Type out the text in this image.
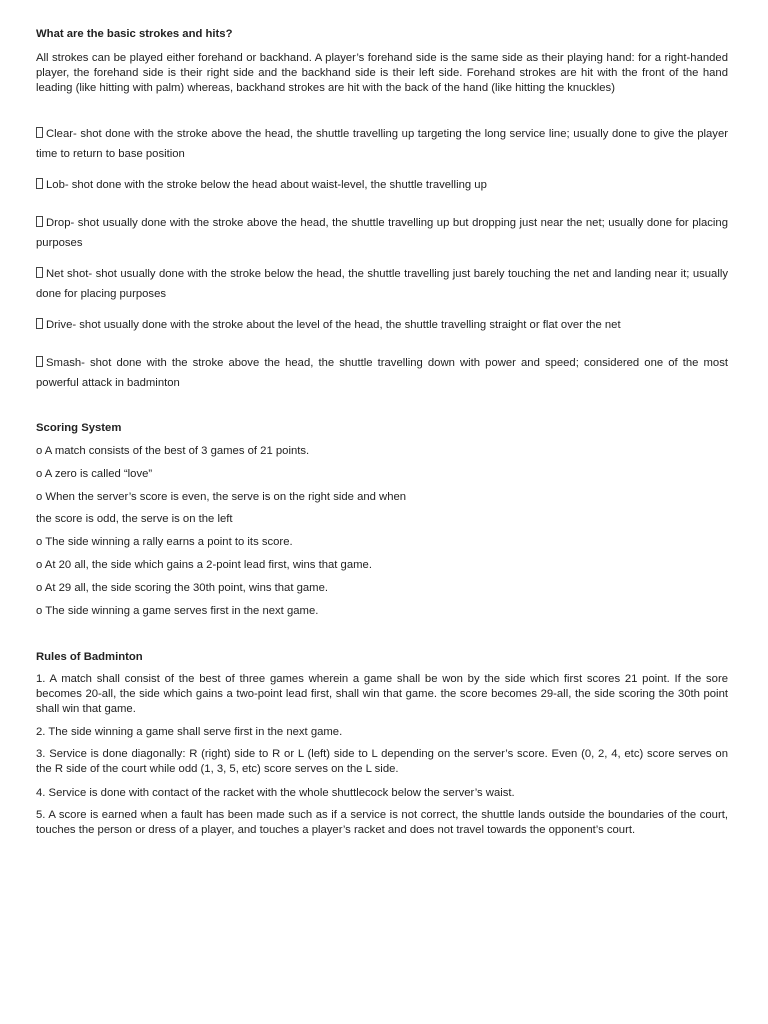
What are the basic strokes and hits?

All strokes can be played either forehand or backhand. A player’s forehand side is the same side as their playing hand: for a right-handed player, the forehand side is their right side and the backhand side is their left side. Forehand strokes are hit with the front of the hand leading (like hitting with palm) whereas, backhand strokes are hit with the back of the hand (like hitting the knuckles)

Clear- shot done with the stroke above the head, the shuttle travelling up targeting the long service line; usually done to give the player time to return to base position

Lob- shot done with the stroke below the head about waist-level, the shuttle travelling up

Drop- shot usually done with the stroke above the head, the shuttle travelling up but dropping just near the net; usually done for placing purposes

Net shot- shot usually done with the stroke below the head, the shuttle travelling just barely touching the net and landing near it; usually done for placing purposes

Drive- shot usually done with the stroke about the level of the head, the shuttle travelling straight or flat over the net

Smash- shot done with the stroke above the head, the shuttle travelling down with power and speed; considered one of the most powerful attack in badminton

Scoring System

o A match consists of the best of 3 games of 21 points.

o A zero is called “love”

o When the server’s score is even, the serve is on the right side and when

the score is odd, the serve is on the left

o The side winning a rally earns a point to its score.

o At 20 all, the side which gains a 2-point lead first, wins that game.

o At 29 all, the side scoring the 30th point, wins that game.

o The side winning a game serves first in the next game.

Rules of Badminton

1. A match shall consist of the best of three games wherein a game shall be won by the side which first scores 21 point. If the sore becomes 20-all, the side which gains a two-point lead first, shall win that game. the score becomes 29-all, the side scoring the 30th point shall win that game.

2. The side winning a game shall serve first in the next game.

3. Service is done diagonally: R (right) side to R or L (left) side to L depending on the server’s score. Even (0, 2, 4, etc) score serves on the R side of the court while odd (1, 3, 5, etc) score serves on the L side.

4. Service is done with contact of the racket with the whole shuttlecock below the server’s waist.

5. A score is earned when a fault has been made such as if a service is not correct, the shuttle lands outside the boundaries of the court, touches the person or dress of a player, and touches a player’s racket and does not travel towards the opponent’s court.
